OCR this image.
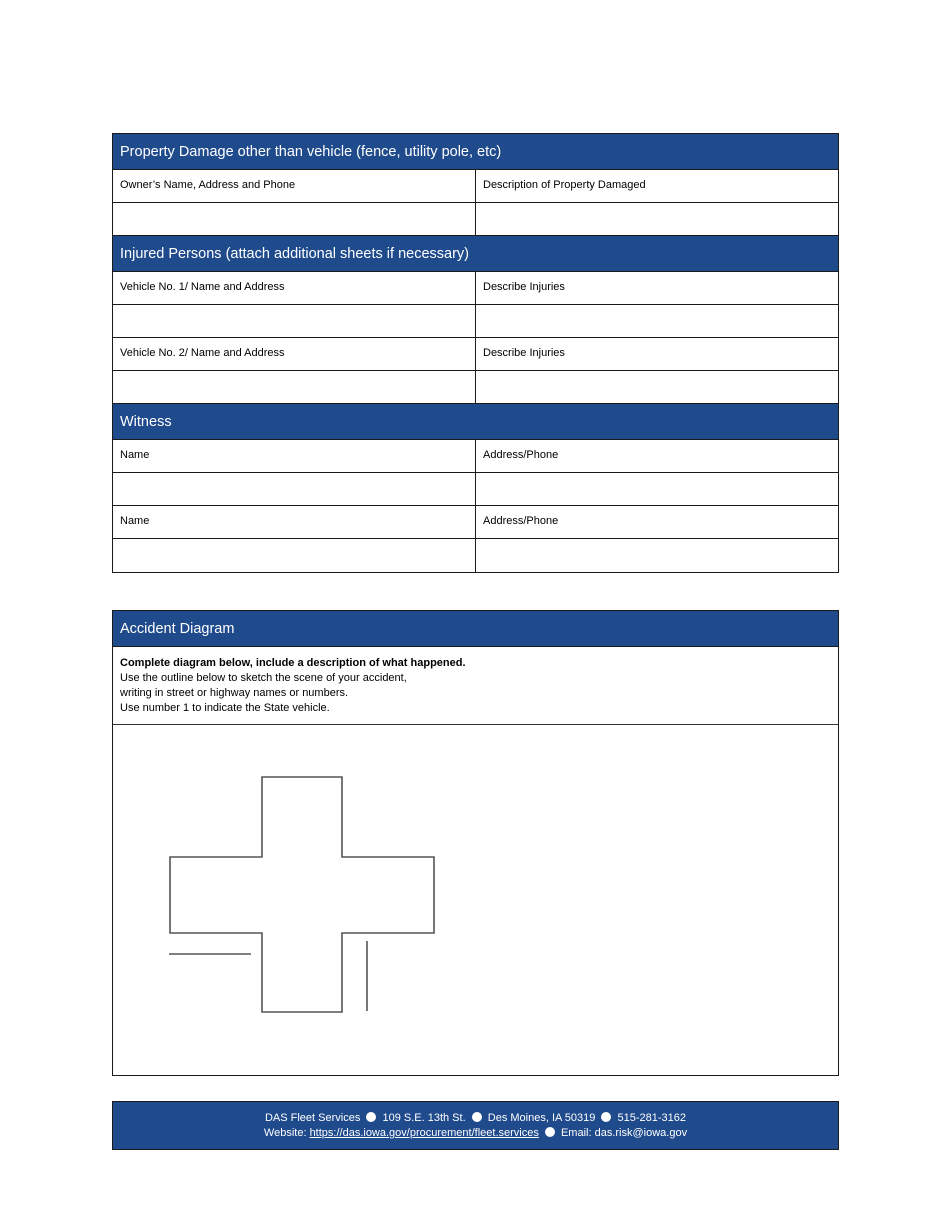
Property Damage other than vehicle (fence, utility pole, etc)
Owner’s Name, Address and Phone	Description of Property Damaged
Injured Persons (attach additional sheets if necessary)
Vehicle No. 1/ Name and Address	Describe Injuries
Vehicle No. 2/ Name and Address	Describe Injuries
Witness
Name	Address/Phone
Name	Address/Phone
Accident Diagram
Complete diagram below, include a description of what happened.
Use the outline below to sketch the scene of your accident,
writing in street or highway names or numbers.
Use number 1 to indicate the State vehicle.
DAS Fleet Services 109 S.E. 13th St. Des Moines, IA 50319 515-281-3162
Website: https://das.iowa.gov/procurement/fleet.services Email: das.risk@iowa.gov
